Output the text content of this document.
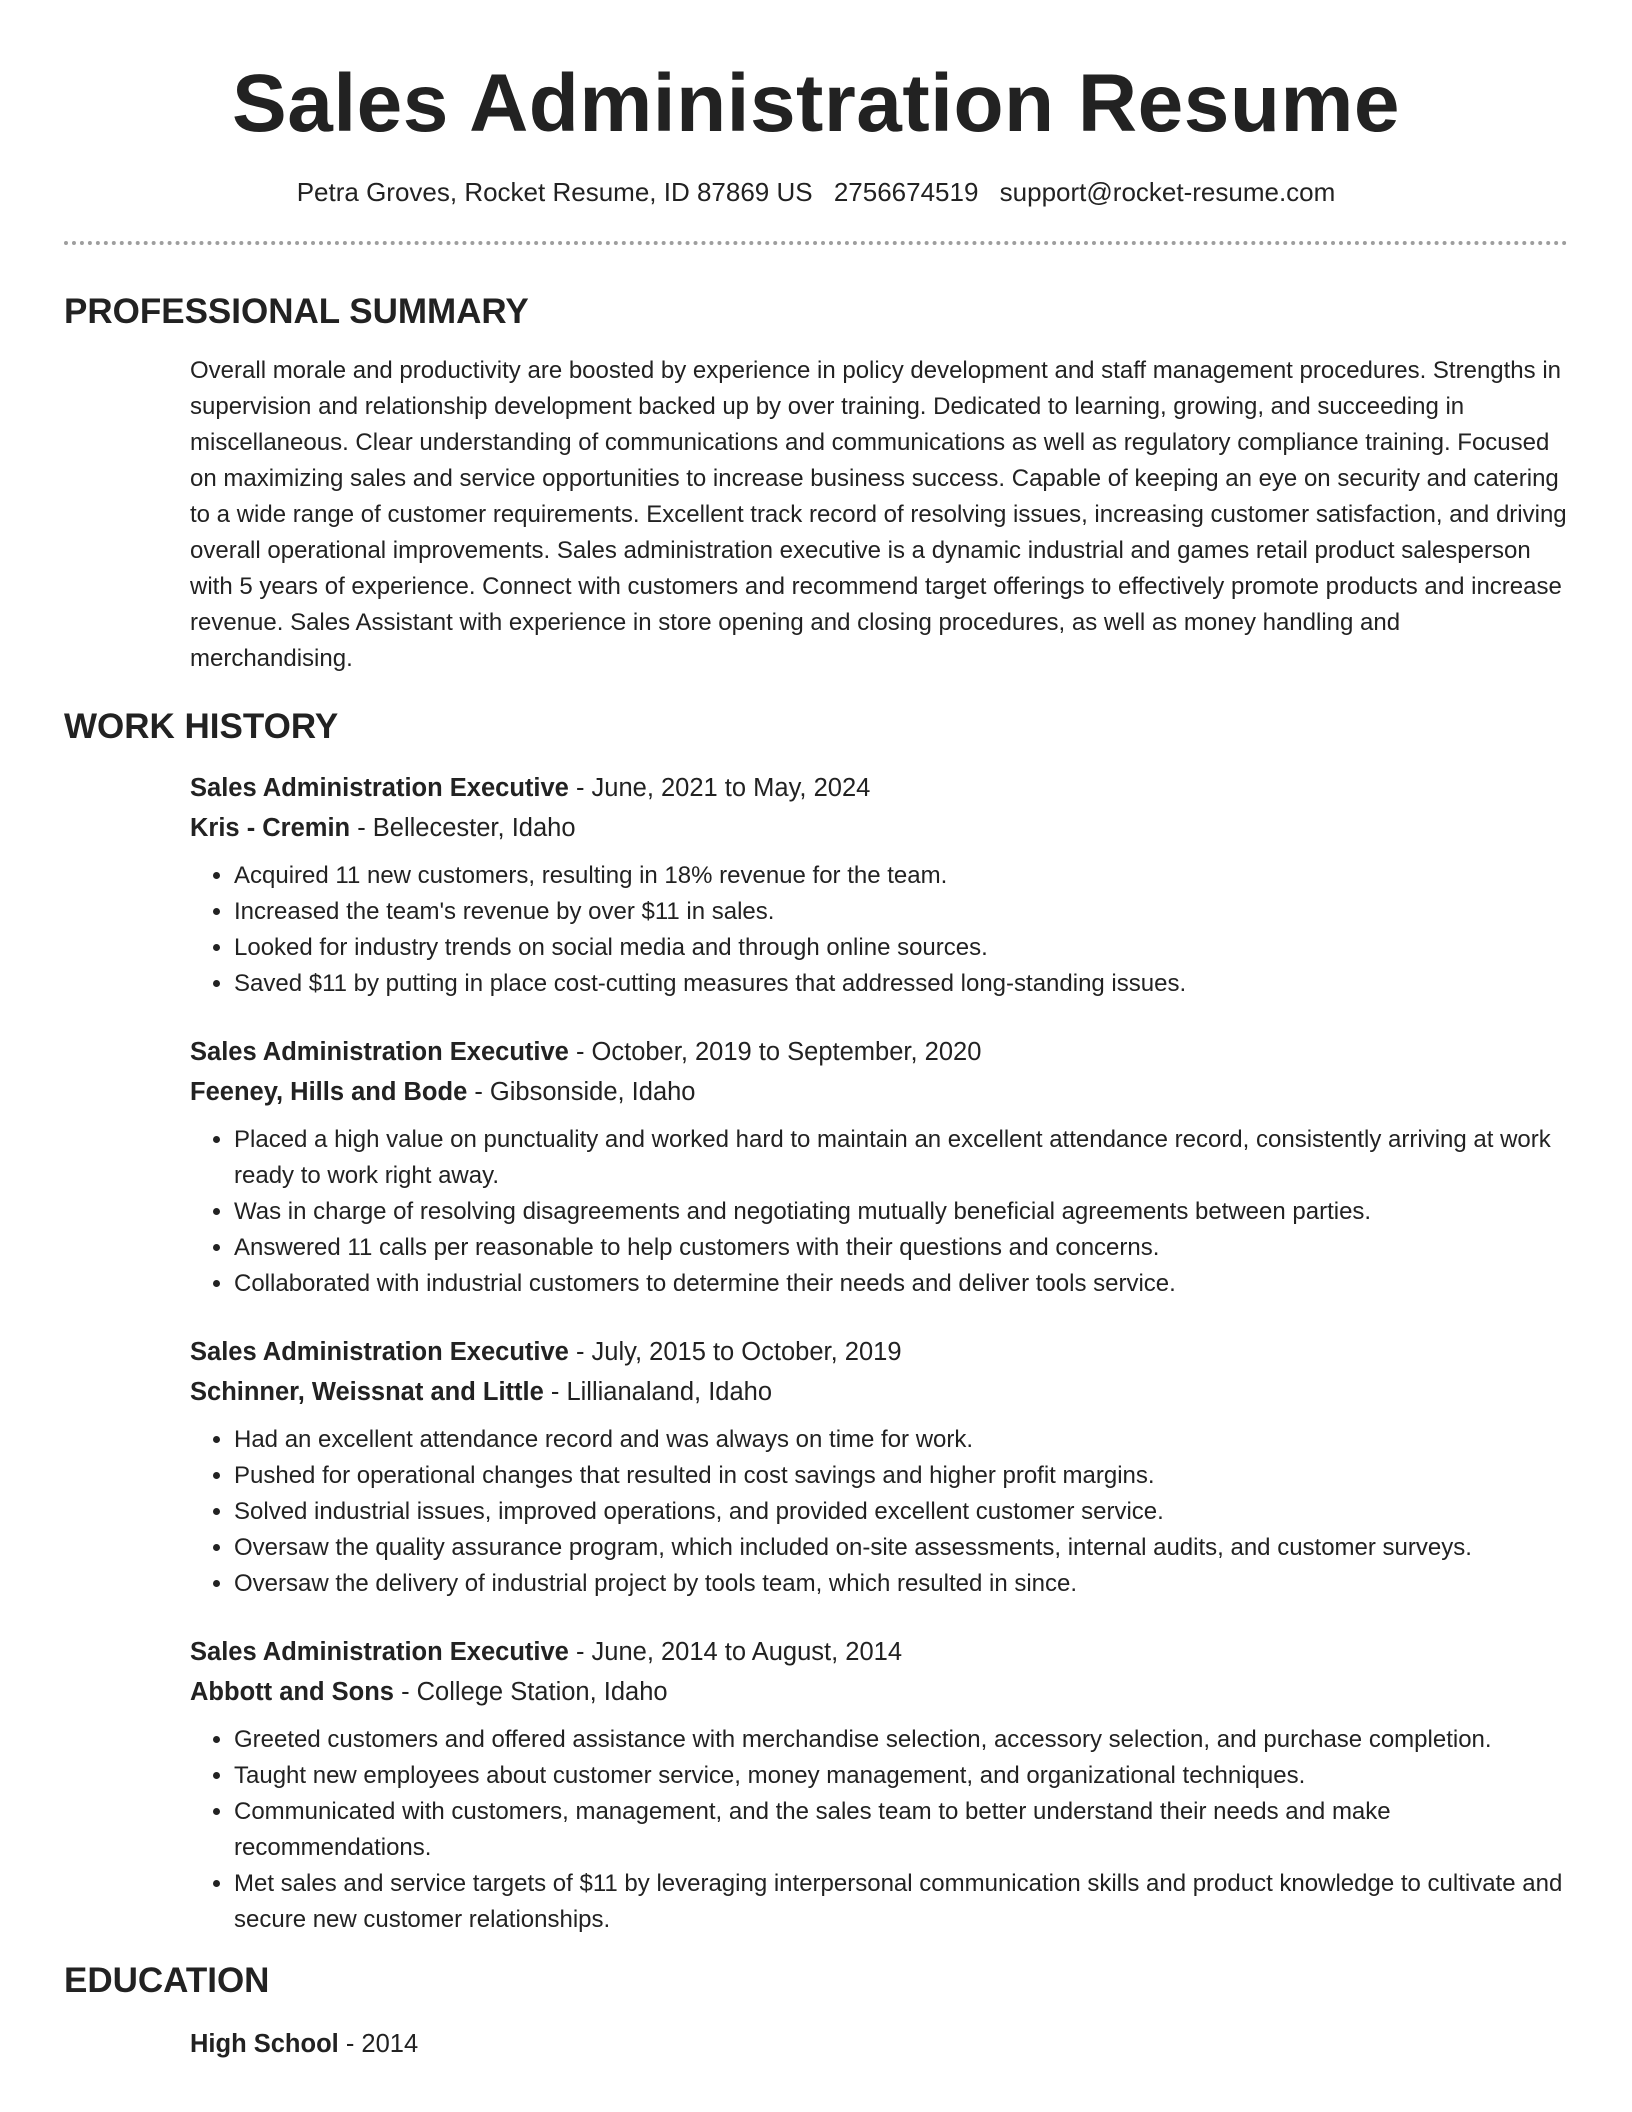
Sales Administration Resume
Petra Groves, Rocket Resume, ID 87869 US 2756674519 support@rocket-resume.com
PROFESSIONAL SUMMARY

Overall morale and productivity are boosted by experience in policy development and staff management procedures. Strengths in supervision and relationship development backed up by over training. Dedicated to learning, growing, and succeeding in miscellaneous. Clear understanding of communications and communications as well as regulatory compliance training. Focused on maximizing sales and service opportunities to increase business success. Capable of keeping an eye on security and catering to a wide range of customer requirements. Excellent track record of resolving issues, increasing customer satisfaction, and driving overall operational improvements. Sales administration executive is a dynamic industrial and games retail product salesperson with 5 years of experience. Connect with customers and recommend target offerings to effectively promote products and increase revenue. Sales Assistant with experience in store opening and closing procedures, as well as money handling and merchandising.

WORK HISTORY
Sales Administration Executive - June, 2021 to May, 2024
Kris - Cremin - Bellecester, Idaho
• Acquired 11 new customers, resulting in 18% revenue for the team.
• Increased the team's revenue by over $11 in sales.
• Looked for industry trends on social media and through online sources.
• Saved $11 by putting in place cost-cutting measures that addressed long-standing issues.
Sales Administration Executive - October, 2019 to September, 2020
Feeney, Hills and Bode - Gibsonside, Idaho
• Placed a high value on punctuality and worked hard to maintain an excellent attendance record, consistently arriving at work ready to work right away.
• Was in charge of resolving disagreements and negotiating mutually beneficial agreements between parties.
• Answered 11 calls per reasonable to help customers with their questions and concerns.
• Collaborated with industrial customers to determine their needs and deliver tools service.
Sales Administration Executive - July, 2015 to October, 2019
Schinner, Weissnat and Little - Lillianaland, Idaho
• Had an excellent attendance record and was always on time for work.
• Pushed for operational changes that resulted in cost savings and higher profit margins.
• Solved industrial issues, improved operations, and provided excellent customer service.
• Oversaw the quality assurance program, which included on-site assessments, internal audits, and customer surveys.
• Oversaw the delivery of industrial project by tools team, which resulted in since.
Sales Administration Executive - June, 2014 to August, 2014
Abbott and Sons - College Station, Idaho
• Greeted customers and offered assistance with merchandise selection, accessory selection, and purchase completion.
• Taught new employees about customer service, money management, and organizational techniques.
• Communicated with customers, management, and the sales team to better understand their needs and make recommendations.
• Met sales and service targets of $11 by leveraging interpersonal communication skills and product knowledge to cultivate and secure new customer relationships.
EDUCATION
High School - 2014
